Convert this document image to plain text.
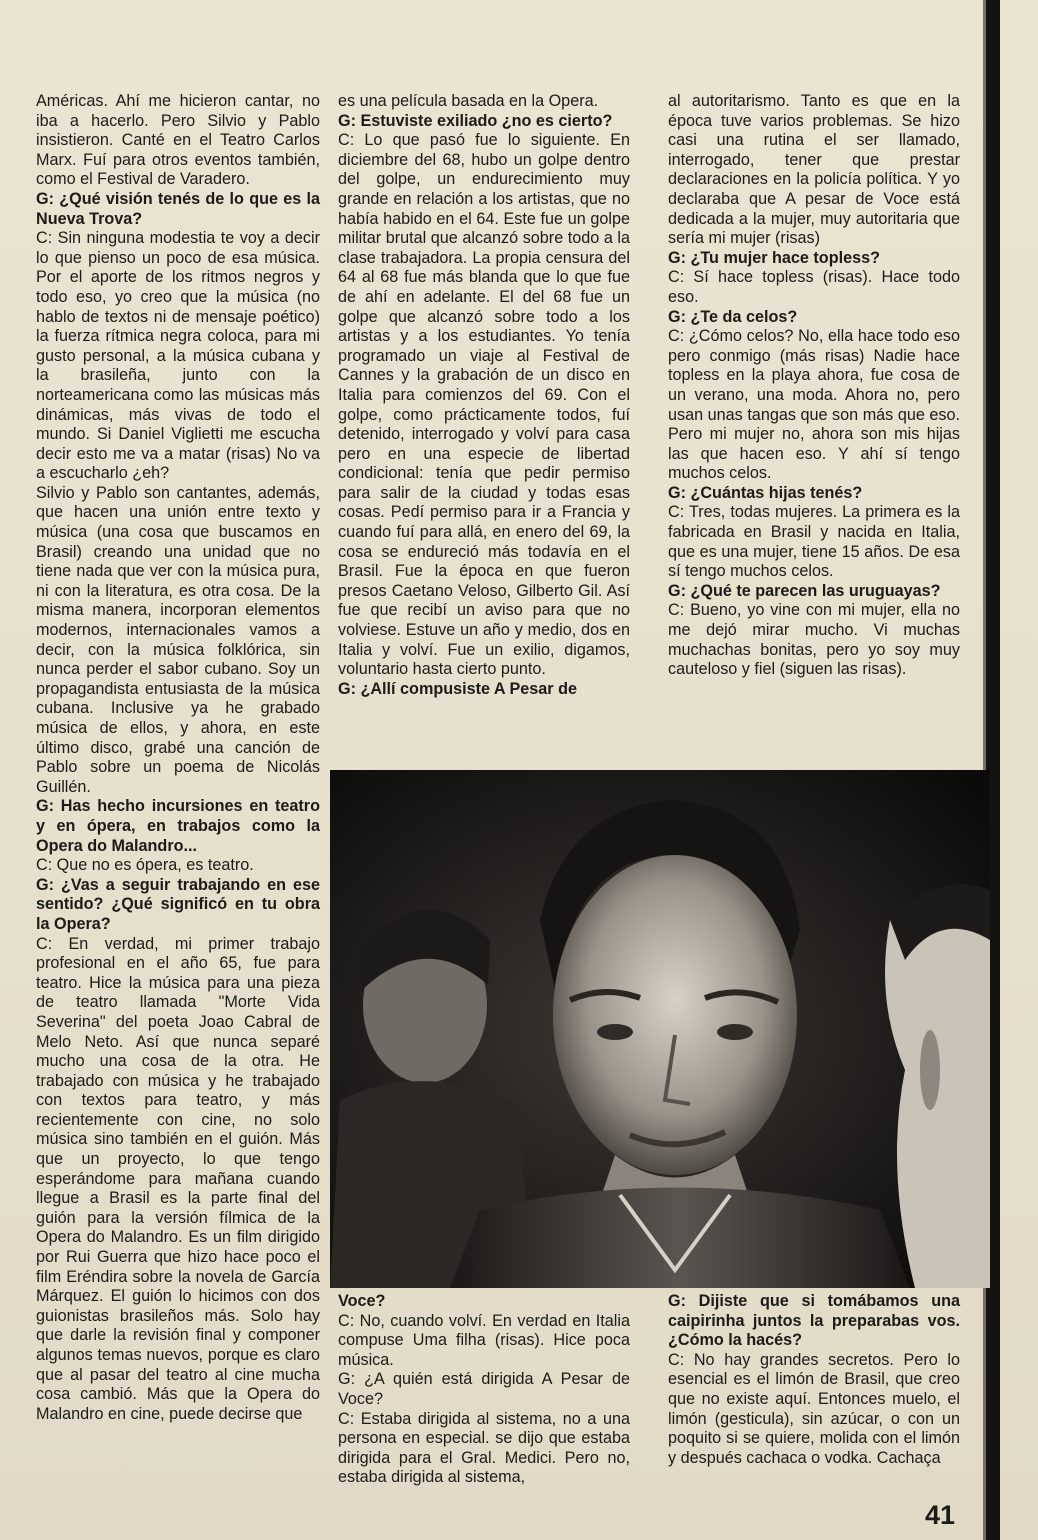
Américas. Ahí me hicieron cantar, no iba a hacerlo. Pero Silvio y Pablo insistieron. Canté en el Teatro Carlos Marx. Fuí para otros eventos también, como el Festival de Varadero.

G: ¿Qué visión tenés de lo que es la Nueva Trova?

C: Sin ninguna modestia te voy a decir lo que pienso un poco de esa música. Por el aporte de los ritmos negros y todo eso, yo creo que la música (no hablo de textos ni de mensaje poético) la fuerza rítmica negra coloca, para mi gusto personal, a la música cubana y la brasileña, junto con la norteamericana como las músicas más dinámicas, más vivas de todo el mundo. Si Daniel Viglietti me escucha decir esto me va a matar (risas) No va a escucharlo ¿eh?

Silvio y Pablo son cantantes, además, que hacen una unión entre texto y música (una cosa que buscamos en Brasil) creando una unidad que no tiene nada que ver con la música pura, ni con la literatura, es otra cosa. De la misma manera, incorporan elementos modernos, internacionales vamos a decir, con la música folklórica, sin nunca perder el sabor cubano. Soy un propagandista entusiasta de la música cubana. Inclusive ya he grabado música de ellos, y ahora, en este último disco, grabé una canción de Pablo sobre un poema de Nicolás Guillén.

G: Has hecho incursiones en teatro y en ópera, en trabajos como la Opera do Malandro...

C: Que no es ópera, es teatro.

G: ¿Vas a seguir trabajando en ese sentido? ¿Qué significó en tu obra la Opera?

C: En verdad, mi primer trabajo profesional en el año 65, fue para teatro. Hice la música para una pieza de teatro llamada "Morte Vida Severina" del poeta Joao Cabral de Melo Neto. Así que nunca separé mucho una cosa de la otra. He trabajado con música y he trabajado con textos para teatro, y más recientemente con cine, no solo música sino también en el guión. Más que un proyecto, lo que tengo esperándome para mañana cuando llegue a Brasil es la parte final del guión para la versión fílmica de la Opera do Malandro. Es un film dirigido por Rui Guerra que hizo hace poco el film Eréndira sobre la novela de García Márquez. El guión lo hicimos con dos guionistas brasileños más. Solo hay que darle la revisión final y componer algunos temas nuevos, porque es claro que al pasar del teatro al cine mucha cosa cambió. Más que la Opera do Malandro en cine, puede decirse que

es una película basada en la Opera.

G: Estuviste exiliado ¿no es cierto?

C: Lo que pasó fue lo siguiente. En diciembre del 68, hubo un golpe dentro del golpe, un endurecimiento muy grande en relación a los artistas, que no había habido en el 64. Este fue un golpe militar brutal que alcanzó sobre todo a la clase trabajadora. La propia censura del 64 al 68 fue más blanda que lo que fue de ahí en adelante. El del 68 fue un golpe que alcanzó sobre todo a los artistas y a los estudiantes. Yo tenía programado un viaje al Festival de Cannes y la grabación de un disco en Italia para comienzos del 69. Con el golpe, como prácticamente todos, fuí detenido, interrogado y volví para casa pero en una especie de libertad condicional: tenía que pedir permiso para salir de la ciudad y todas esas cosas. Pedí permiso para ir a Francia y cuando fuí para allá, en enero del 69, la cosa se endureció más todavía en el Brasil. Fue la época en que fueron presos Caetano Veloso, Gilberto Gil. Así fue que recibí un aviso para que no volviese. Estuve un año y medio, dos en Italia y volví. Fue un exilio, digamos, voluntario hasta cierto punto.

G: ¿Allí compusiste A Pesar de

al autoritarismo. Tanto es que en la época tuve varios problemas. Se hizo casi una rutina el ser llamado, interrogado, tener que prestar declaraciones en la policía política. Y yo declaraba que A pesar de Voce está dedicada a la mujer, muy autoritaria que sería mi mujer (risas)

G: ¿Tu mujer hace topless?

C: Sí hace topless (risas). Hace todo eso.

G: ¿Te da celos?

C: ¿Cómo celos? No, ella hace todo eso pero conmigo (más risas) Nadie hace topless en la playa ahora, fue cosa de un verano, una moda. Ahora no, pero usan unas tangas que son más que eso. Pero mi mujer no, ahora son mis hijas las que hacen eso. Y ahí sí tengo muchos celos.

G: ¿Cuántas hijas tenés?

C: Tres, todas mujeres. La primera es la fabricada en Brasil y nacida en Italia, que es una mujer, tiene 15 años. De esa sí tengo muchos celos.

G: ¿Qué te parecen las uruguayas?

C: Bueno, yo vine con mi mujer, ella no me dejó mirar mucho. Vi muchas muchachas bonitas, pero yo soy muy cauteloso y fiel (siguen las risas).

Voce?

C: No, cuando volví. En verdad en Italia compuse Uma filha (risas). Hice poca música.

G: ¿A quién está dirigida A Pesar de Voce?

C: Estaba dirigida al sistema, no a una persona en especial. se dijo que estaba dirigida para el Gral. Medici. Pero no, estaba dirigida al sistema,

G: Dijiste que si tomábamos una caipirinha juntos la preparabas vos. ¿Cómo la hacés?

C: No hay grandes secretos. Pero lo esencial es el limón de Brasil, que creo que no existe aquí. Entonces muelo, el limón (gesticula), sin azúcar, o con un poquito si se quiere, molida con el limón y después cachaca o vodka. Cachaça

41
